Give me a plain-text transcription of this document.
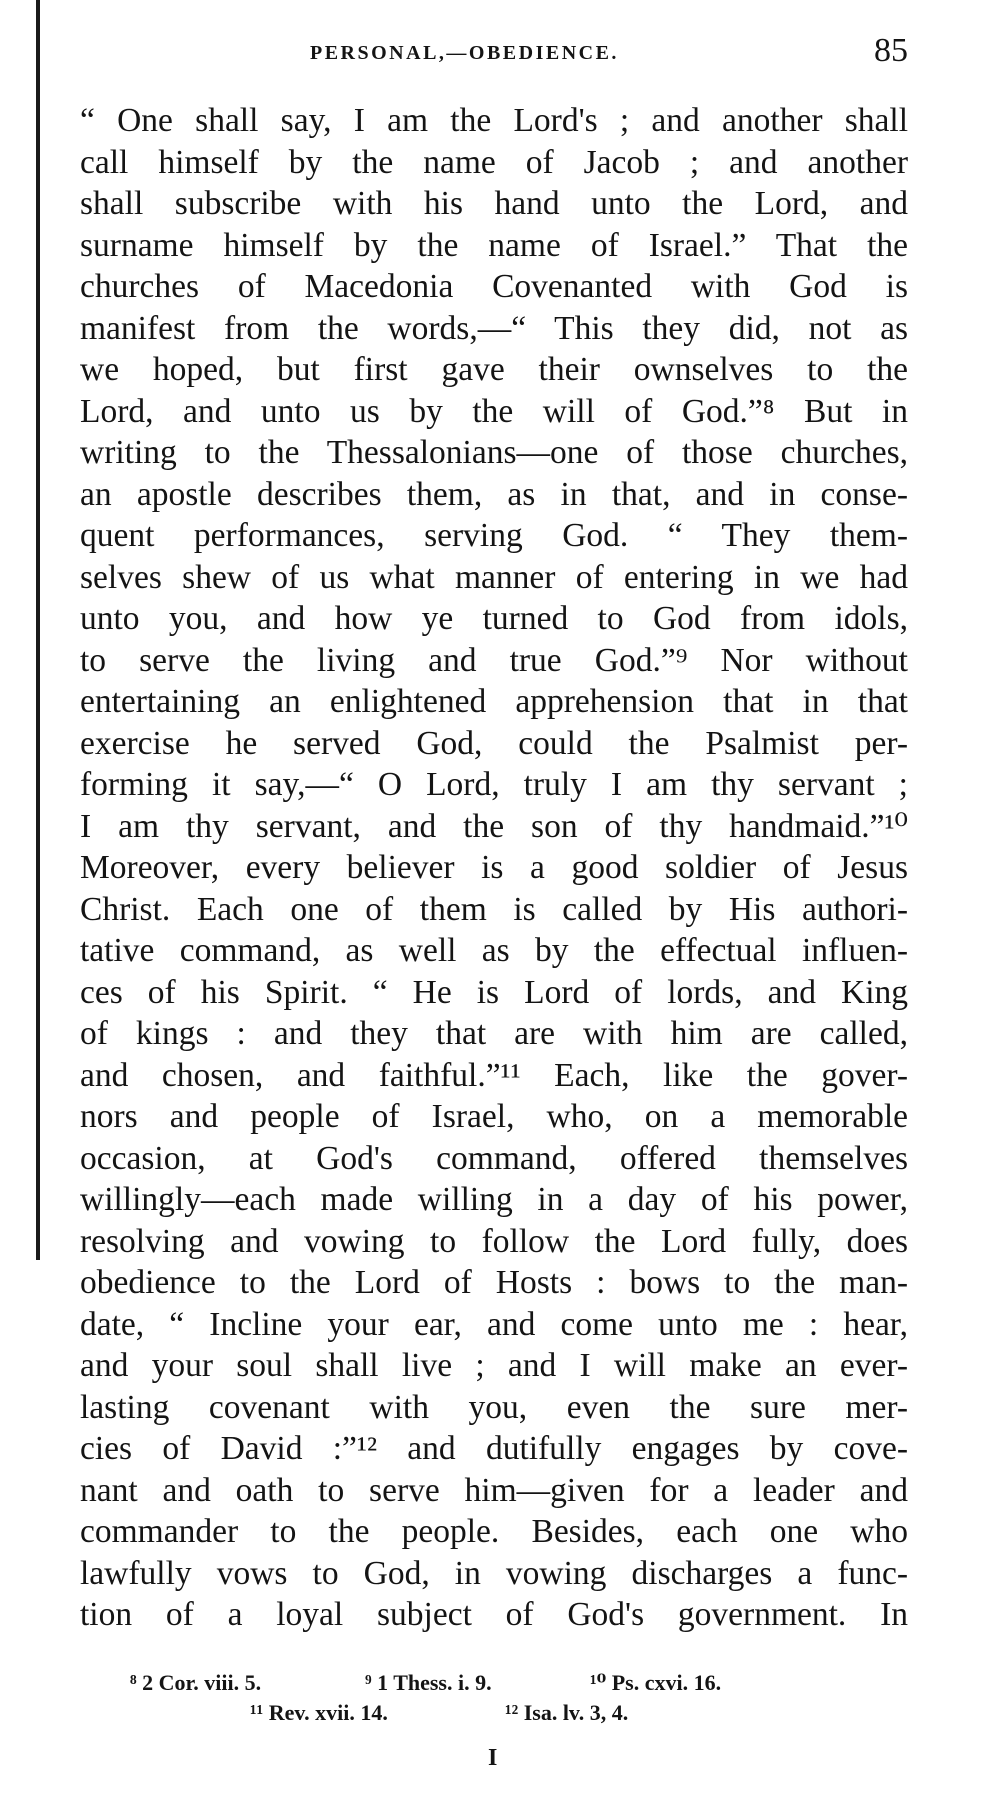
PERSONAL,—OBEDIENCE.	85
“ One shall say, I am the Lord's ; and another shall
call himself by the name of Jacob ; and another
shall subscribe with his hand unto the Lord, and
surname himself by the name of Israel.” That the
churches of Macedonia Covenanted with God is
manifest from the words,—“ This they did, not as
we hoped, but first gave their ownselves to the
Lord, and unto us by the will of God.”⁸ But in
writing to the Thessalonians—one of those churches,
an apostle describes them, as in that, and in conse-
quent performances, serving God. “ They them-
selves shew of us what manner of entering in we had
unto you, and how ye turned to God from idols,
to serve the living and true God.”⁹ Nor without
entertaining an enlightened apprehension that in that
exercise he served God, could the Psalmist per-
forming it say,—“ O Lord, truly I am thy servant ;
I am thy servant, and the son of thy handmaid.”¹⁰
Moreover, every believer is a good soldier of Jesus
Christ. Each one of them is called by His authori-
tative command, as well as by the effectual influen-
ces of his Spirit. “ He is Lord of lords, and King
of kings : and they that are with him are called,
and chosen, and faithful.”¹¹ Each, like the gover-
nors and people of Israel, who, on a memorable
occasion, at God's command, offered themselves
willingly—each made willing in a day of his power,
resolving and vowing to follow the Lord fully, does
obedience to the Lord of Hosts : bows to the man-
date, “ Incline your ear, and come unto me : hear,
and your soul shall live ; and I will make an ever-
lasting covenant with you, even the sure mer-
cies of David :”¹² and dutifully engages by cove-
nant and oath to serve him—given for a leader and
commander to the people. Besides, each one who
lawfully vows to God, in vowing discharges a func-
tion of a loyal subject of God's government. In
⁸ 2 Cor. viii. 5.	⁹ 1 Thess. i. 9.	¹⁰ Ps. cxvi. 16.
¹¹ Rev. xvii. 14.	¹² Isa. lv. 3, 4.
I
